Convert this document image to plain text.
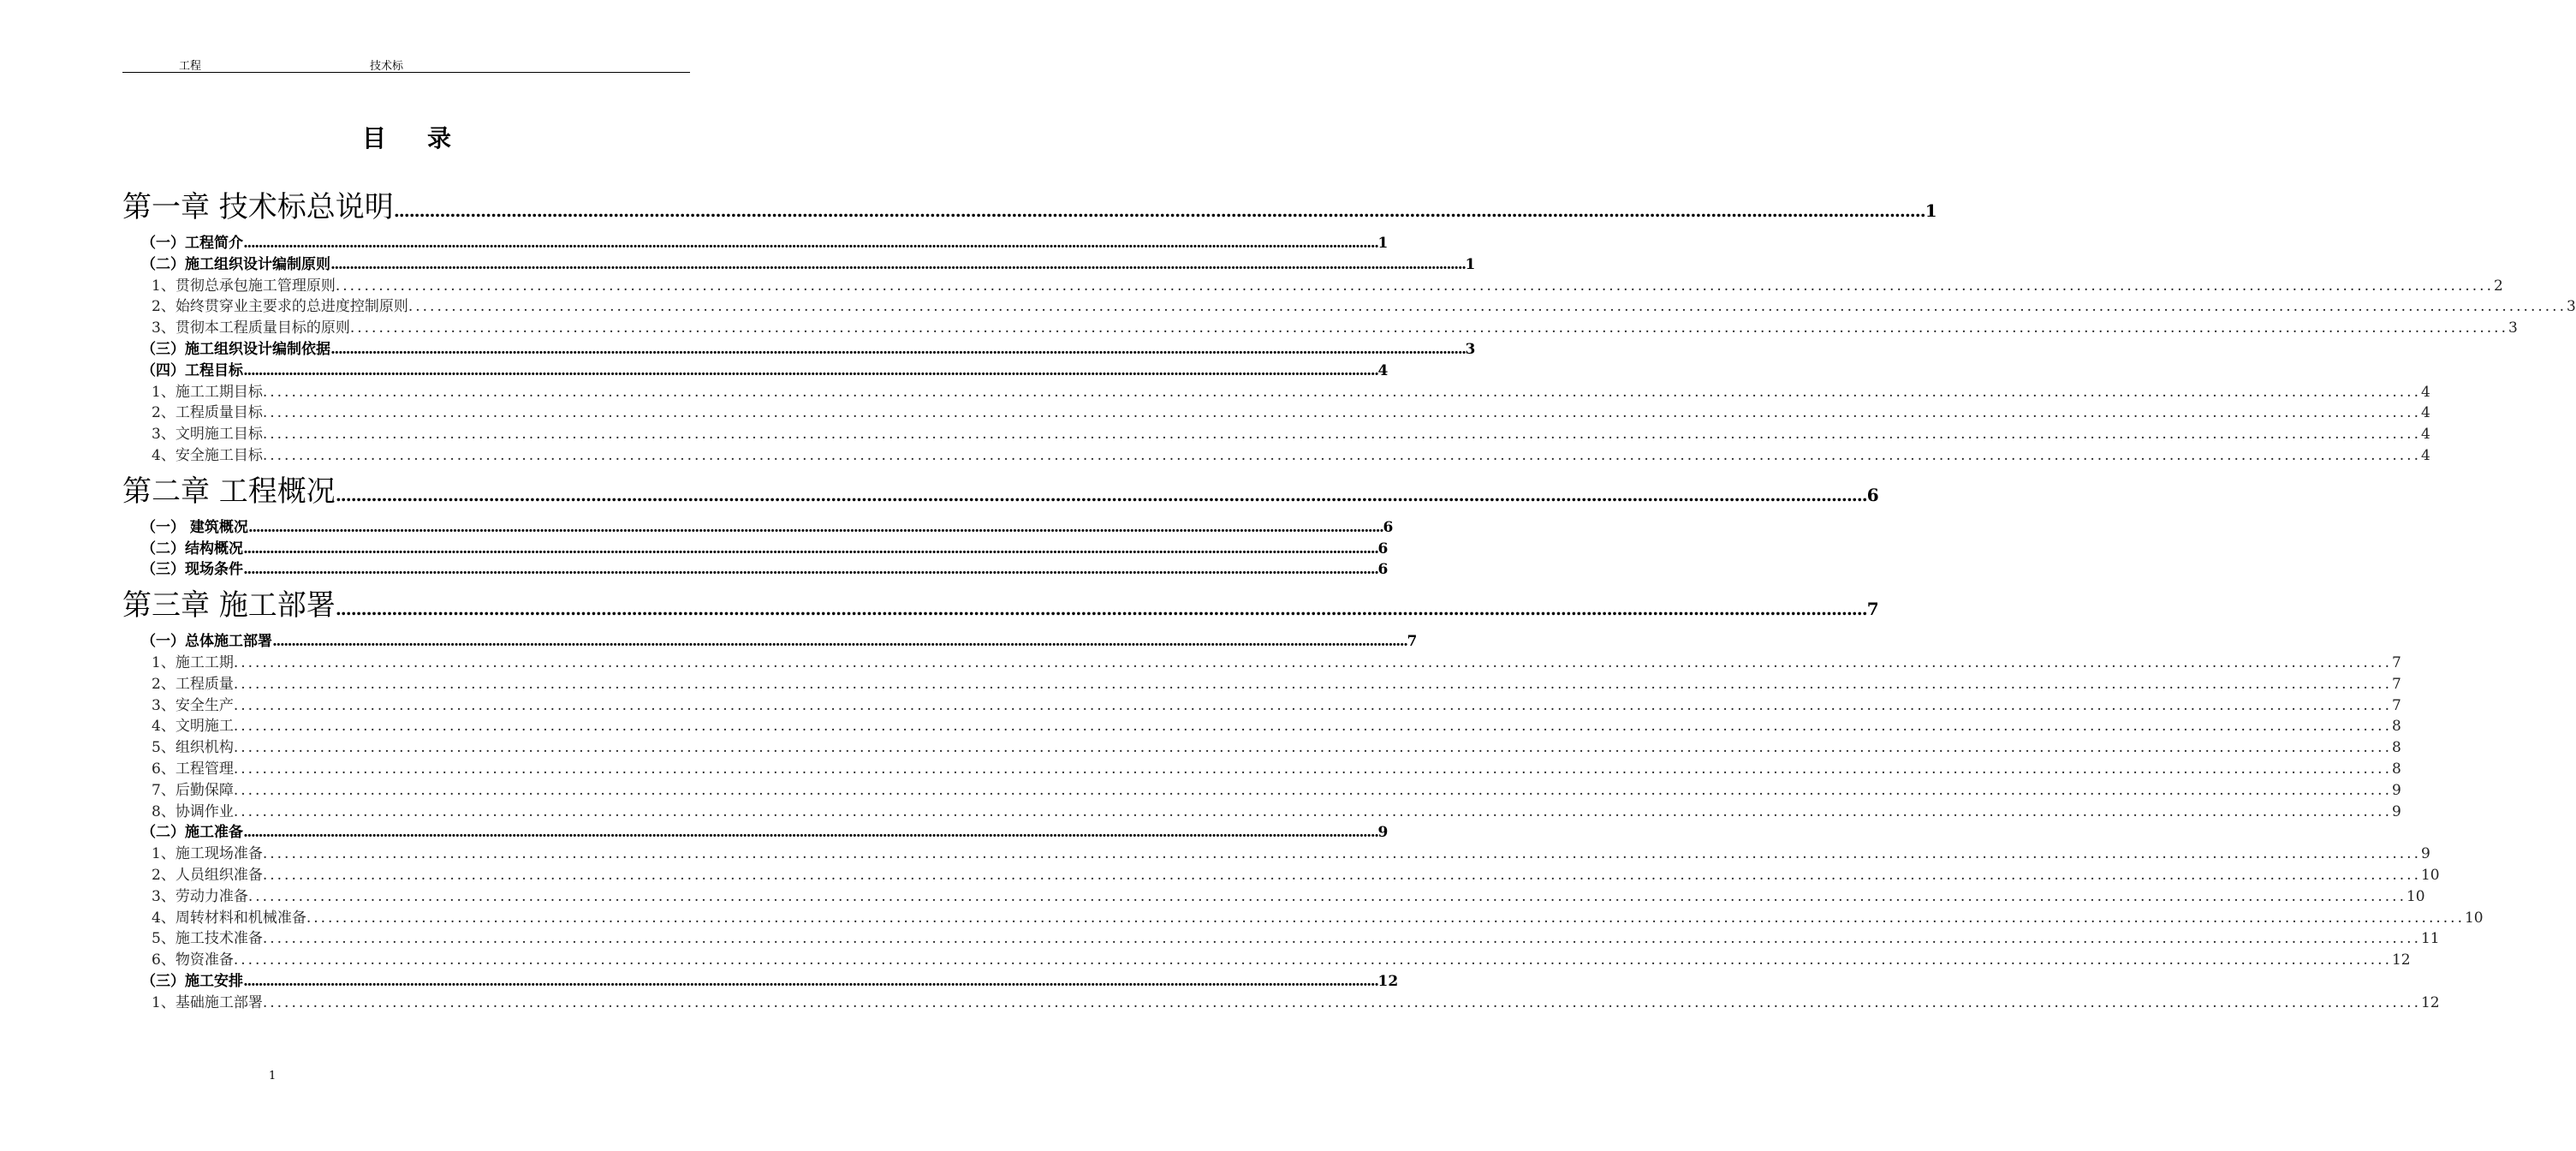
工程	技术标
目录
第一章 技术标总说明 ............................................................................................................................................................................................................................................................................................................ 1
（一）工程简介 ............................................................................................................................................................................................................................................................................................................ 1
（二）施工组织设计编制原则 ............................................................................................................................................................................................................................................................................................................ 1
1、贯彻总承包施工管理原则 ............................................................................................................................................................................................................................................................................................................ 2
2、始终贯穿业主要求的总进度控制原则 ............................................................................................................................................................................................................................................................................................................ 3
3、贯彻本工程质量目标的原则 ............................................................................................................................................................................................................................................................................................................ 3
（三）施工组织设计编制依据 ............................................................................................................................................................................................................................................................................................................ 3
（四）工程目标 ............................................................................................................................................................................................................................................................................................................ 4
1、施工工期目标 ............................................................................................................................................................................................................................................................................................................ 4
2、工程质量目标 ............................................................................................................................................................................................................................................................................................................ 4
3、文明施工目标 ............................................................................................................................................................................................................................................................................................................ 4
4、安全施工目标 ............................................................................................................................................................................................................................................................................................................ 4
第二章 工程概况 ............................................................................................................................................................................................................................................................................................................ 6
（一） 建筑概况 ............................................................................................................................................................................................................................................................................................................ 6
（二）结构概况 ............................................................................................................................................................................................................................................................................................................ 6
（三）现场条件 ............................................................................................................................................................................................................................................................................................................ 6
第三章 施工部署 ............................................................................................................................................................................................................................................................................................................ 7
（一）总体施工部署 ............................................................................................................................................................................................................................................................................................................ 7
1、施工工期 ............................................................................................................................................................................................................................................................................................................ 7
2、工程质量 ............................................................................................................................................................................................................................................................................................................ 7
3、安全生产 ............................................................................................................................................................................................................................................................................................................ 7
4、文明施工 ............................................................................................................................................................................................................................................................................................................ 8
5、组织机构 ............................................................................................................................................................................................................................................................................................................ 8
6、工程管理 ............................................................................................................................................................................................................................................................................................................ 8
7、后勤保障 ............................................................................................................................................................................................................................................................................................................ 9
8、协调作业 ............................................................................................................................................................................................................................................................................................................ 9
（二）施工准备 ............................................................................................................................................................................................................................................................................................................ 9
1、施工现场准备 ............................................................................................................................................................................................................................................................................................................ 9
2、人员组织准备 ............................................................................................................................................................................................................................................................................................................ 10
3、劳动力准备 ............................................................................................................................................................................................................................................................................................................ 10
4、周转材料和机械准备 ............................................................................................................................................................................................................................................................................................................ 10
5、施工技术准备 ............................................................................................................................................................................................................................................................................................................ 11
6、物资准备 ............................................................................................................................................................................................................................................................................................................ 12
（三）施工安排 ............................................................................................................................................................................................................................................................................................................ 12
1、基础施工部署 ............................................................................................................................................................................................................................................................................................................ 12
1
